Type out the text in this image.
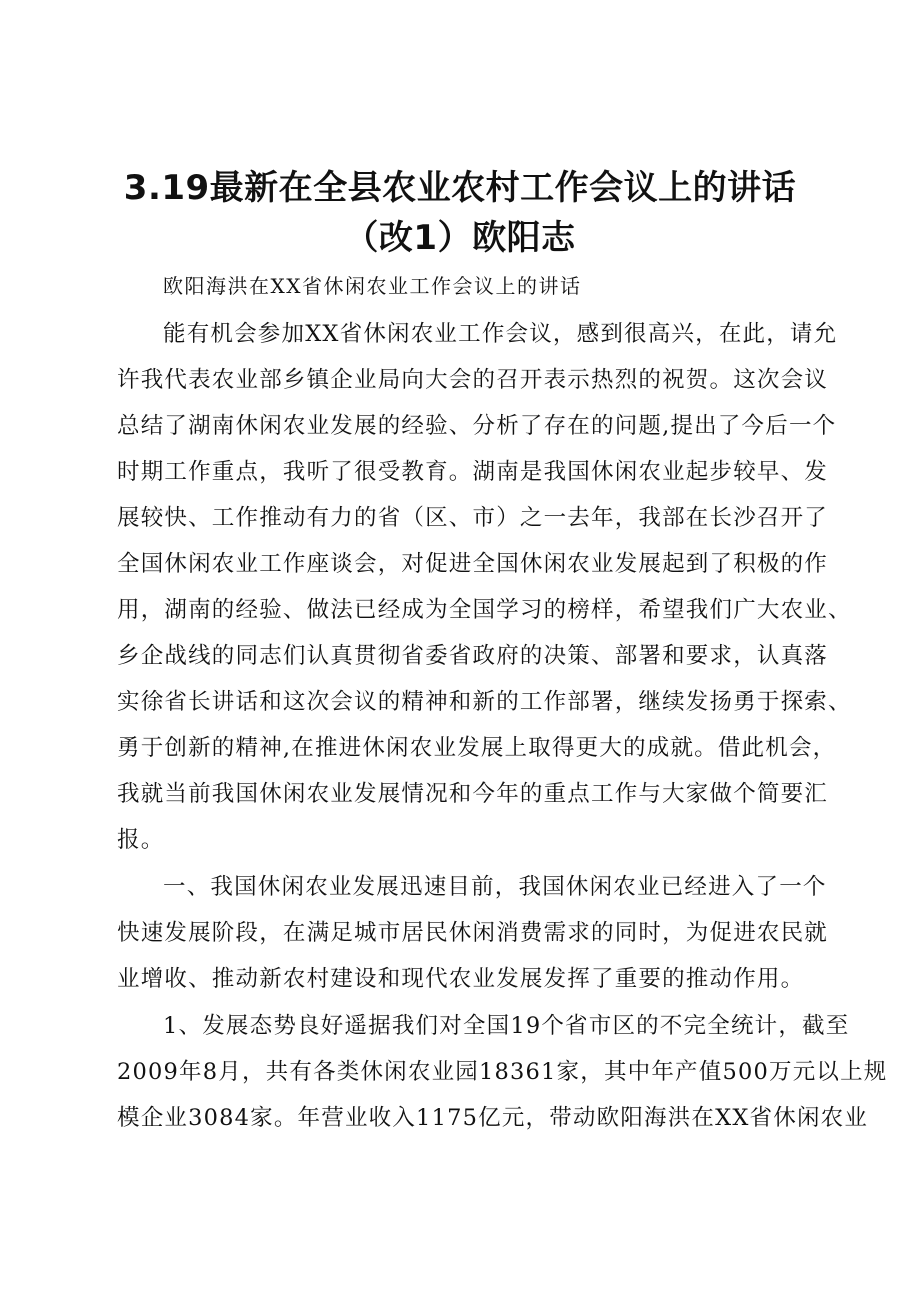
3.19最新在全县农业农村工作会议上的讲话
（改1）欧阳志

欧阳海洪在XX省休闲农业工作会议上的讲话

能有机会参加XX省休闲农业工作会议，感到很高兴，在此，请允
许我代表农业部乡镇企业局向大会的召开表示热烈的祝贺。这次会议
总结了湖南休闲农业发展的经验、分析了存在的问题,提出了今后一个
时期工作重点，我听了很受教育。湖南是我国休闲农业起步较早、发
展较快、工作推动有力的省（区、市）之一去年，我部在长沙召开了
全国休闲农业工作座谈会，对促进全国休闲农业发展起到了积极的作
用，湖南的经验、做法已经成为全国学习的榜样，希望我们广大农业、
乡企战线的同志们认真贯彻省委省政府的决策、部署和要求，认真落
实徐省长讲话和这次会议的精神和新的工作部署，继续发扬勇于探索、
勇于创新的精神,在推进休闲农业发展上取得更大的成就。借此机会，
我就当前我国休闲农业发展情况和今年的重点工作与大家做个简要汇
报。
一、我国休闲农业发展迅速目前，我国休闲农业已经进入了一个
快速发展阶段，在满足城市居民休闲消费需求的同时，为促进农民就
业增收、推动新农村建设和现代农业发展发挥了重要的推动作用。
1、发展态势良好遥据我们对全国19个省市区的不完全统计，截至
2009年8月，共有各类休闲农业园18361家，其中年产值500万元以上规
模企业3084家。年营业收入1175亿元，带动欧阳海洪在XX省休闲农业
